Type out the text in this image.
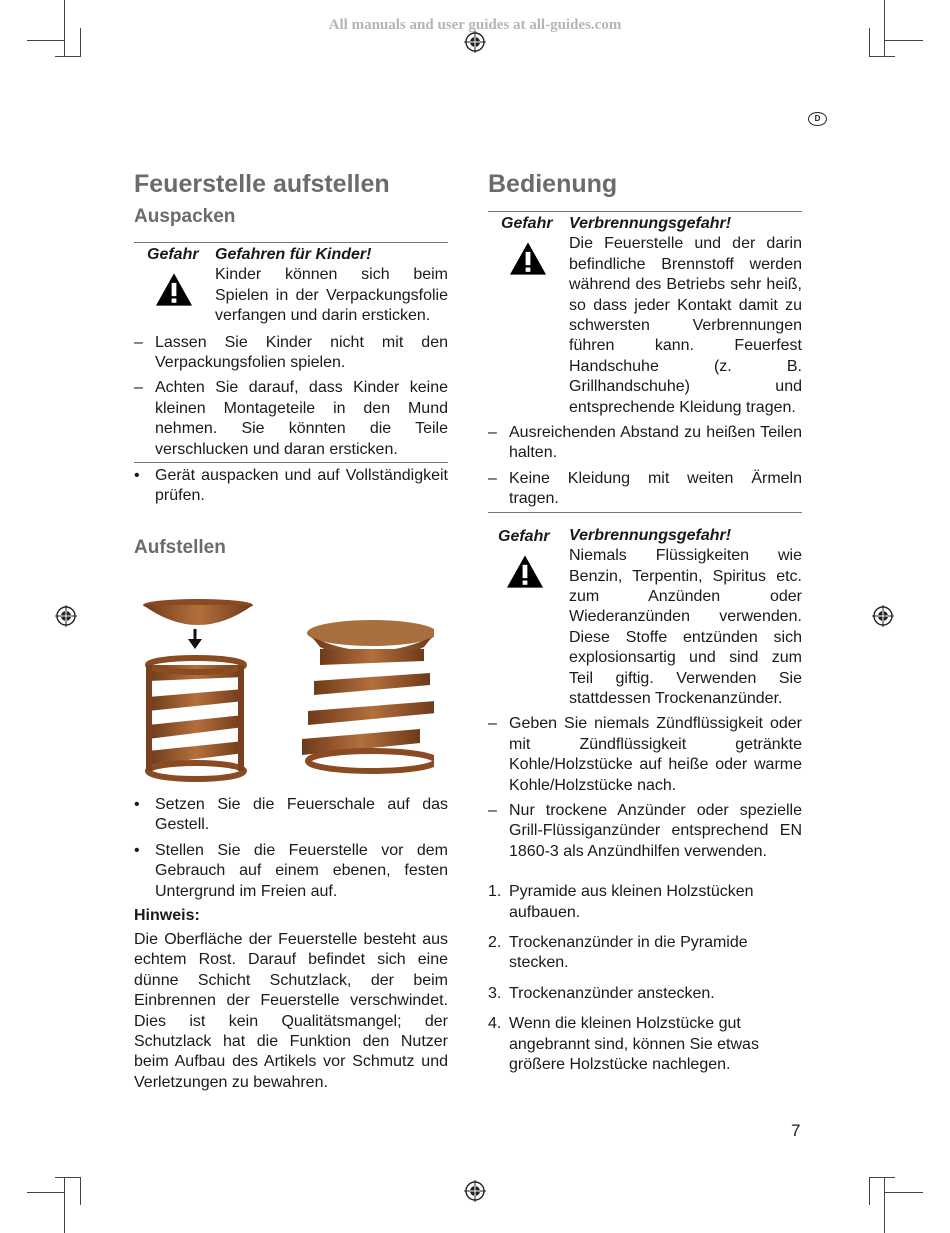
All manuals and user guides at all-guides.com
D
Feuerstelle aufstellen
Auspacken
Gefahr Gefahren für Kinder!
Kinder können sich beim Spielen in der Verpackungsfolie verfangen und darin ersticken.
– Lassen Sie Kinder nicht mit den Verpackungsfolien spielen.
– Achten Sie darauf, dass Kinder keine kleinen Montageteile in den Mund nehmen. Sie könnten die Teile verschlucken und daran ersticken.
• Gerät auspacken und auf Vollständigkeit prüfen.
Aufstellen
• Setzen Sie die Feuerschale auf das Gestell.
• Stellen Sie die Feuerstelle vor dem Gebrauch auf einem ebenen, festen Untergrund im Freien auf.

Hinweis:

Die Oberfläche der Feuerstelle besteht aus echtem Rost. Darauf befindet sich eine dünne Schicht Schutzlack, der beim Einbrennen der Feuerstelle verschwindet. Dies ist kein Qualitätsmangel; der Schutzlack hat die Funktion den Nutzer beim Aufbau des Artikels vor Schmutz und Verletzungen zu bewahren.

Bedienung
Gefahr Verbrennungsgefahr!
Die Feuerstelle und der darin befindliche Brennstoff werden während des Betriebs sehr heiß, so dass jeder Kontakt damit zu schwersten Verbrennungen führen kann. Feuerfest Handschuhe (z. B. Grillhandschuhe) und entsprechende Kleidung tragen.
– Ausreichenden Abstand zu heißen Teilen halten.
– Keine Kleidung mit weiten Ärmeln tragen.
Gefahr Verbrennungsgefahr!
Niemals Flüssigkeiten wie Benzin, Terpentin, Spiritus etc. zum Anzünden oder Wiederanzünden verwenden. Diese Stoffe entzünden sich explosionsartig und sind zum Teil giftig. Verwenden Sie stattdessen Trockenanzünder.
– Geben Sie niemals Zündflüssigkeit oder mit Zündflüssigkeit getränkte Kohle/Holzstücke auf heiße oder warme Kohle/Holzstücke nach.
– Nur trockene Anzünder oder spezielle Grill-Flüssiganzünder entsprechend EN 1860-3 als Anzündhilfen verwenden.
1. Pyramide aus kleinen Holzstücken aufbauen.
2. Trockenanzünder in die Pyramide stecken.
3. Trockenanzünder anstecken.
4. Wenn die kleinen Holzstücke gut angebrannt sind, können Sie etwas größere Holzstücke nachlegen.
7
